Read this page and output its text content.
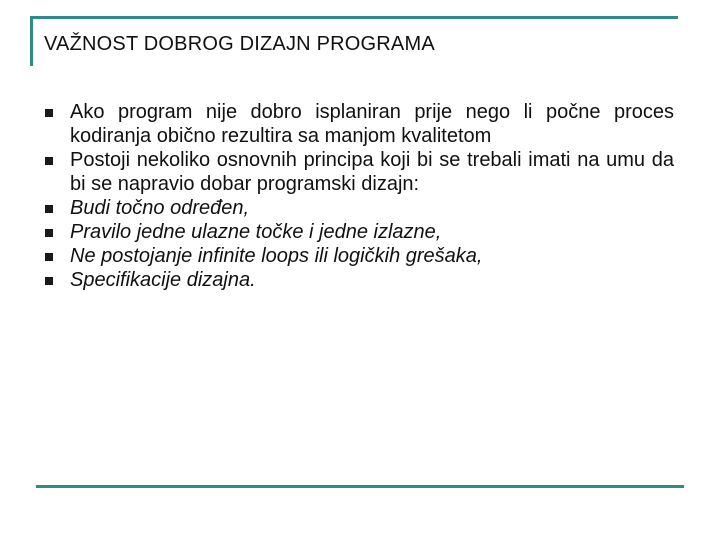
VAŽNOST DOBROG DIZAJN PROGRAMA
Ako program nije dobro isplaniran prije nego li počne proces kodiranja obično rezultira sa manjom kvalitetom
Postoji nekoliko osnovnih principa koji bi se trebali imati na umu da bi se napravio dobar programski dizajn:
Budi točno određen,
Pravilo jedne ulazne točke i jedne izlazne,
Ne postojanje infinite loops ili logičkih grešaka,
Specifikacije dizajna.
